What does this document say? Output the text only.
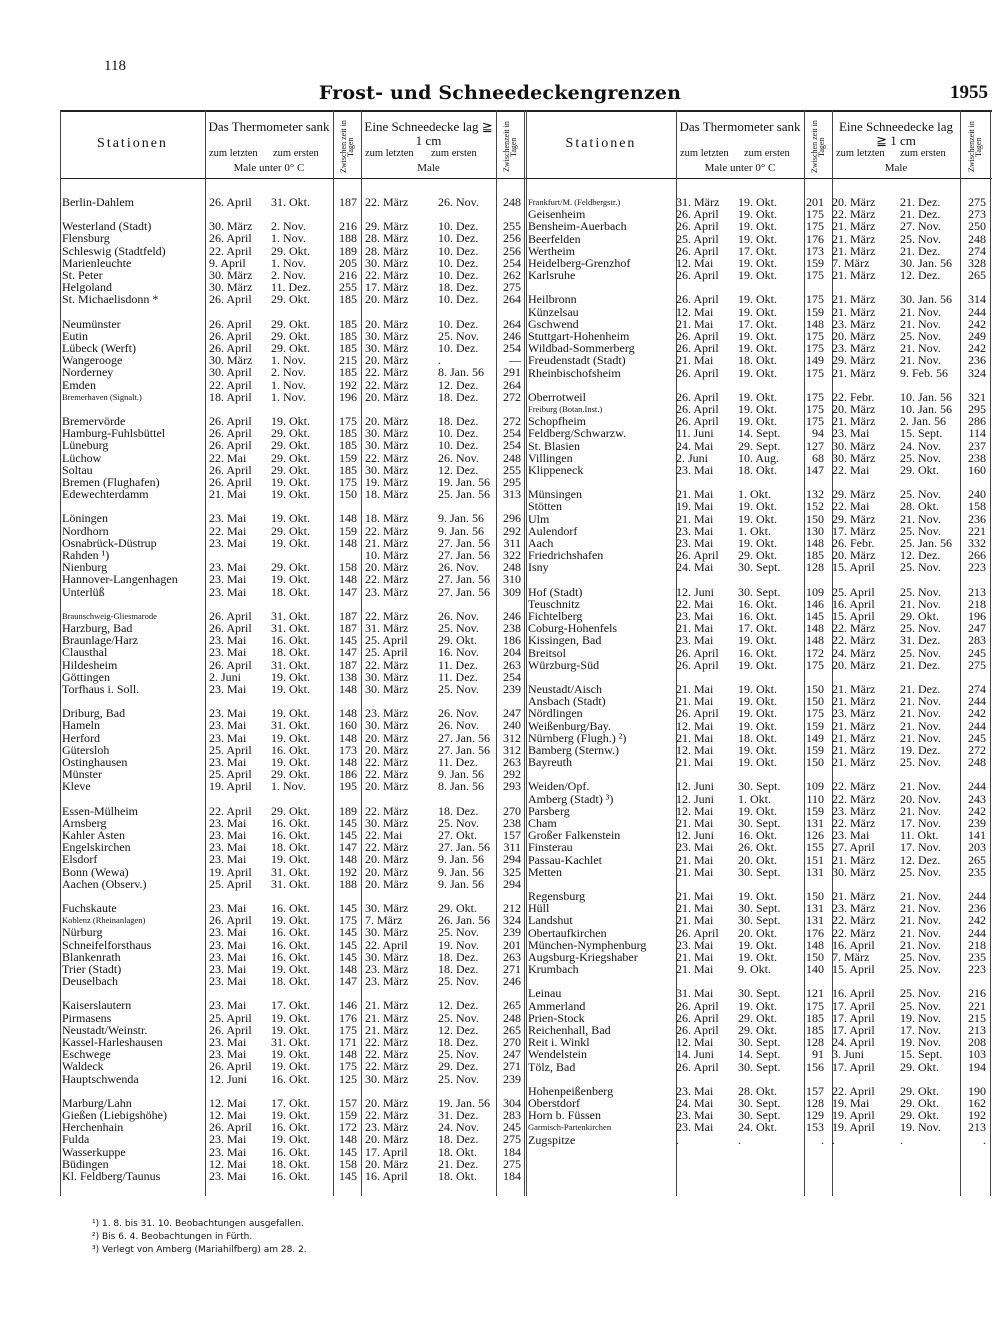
118
Frost- und Schneedeckengrenzen	1955
Stationen
Das Thermometer sank
zum letzten zum ersten
Male unter 0° C	Zwischen zeit in Tagen
Eine Schneedecke lag ≧ 1 cm
zum letzten zum ersten
Male	Zwischenzeit in Tagen	Stationen
Das Thermometer sank
zum letzten zum ersten
Male unter 0° C	Zwischen zeit in Tagen
Eine Schneedecke lag ≧ 1 cm
zum letzten zum ersten
Male	Zwischenzeit in Tagen
Berlin-Dahlem	26. April 31. Okt.	187 22. März 26. Nov.	248
Westerland (Stadt)	30. März 2. Nov.	216 29. März 10. Dez.	255
Flensburg	26. April 1. Nov.	188 28. März 10. Dez.	256
Schleswig (Stadtfeld)	22. April 29. Okt.	189 28. März 10. Dez.	256
Marienleuchte	9. April 1. Nov.	205 30. März 10. Dez.	254
St. Peter	30. März 2. Nov.	216 22. März 10. Dez.	262
Helgoland	30. März 11. Dez.	255 17. März 18. Dez.	275
St. Michaelisdonn *	26. April 29. Okt.	185 20. März 10. Dez.	264
Neumünster	26. April 29. Okt.	185 20. März 10. Dez.	264
Eutin	26. April 29. Okt.	185 30. März 25. Nov.	246
Lübeck (Werft)	26. April 29. Okt.	185 30. März 10. Dez.	254
Wangerooge	30. März 1. Nov.	215 20. März .	—
Norderney	30. April 2. Nov.	185 22. März 8. Jan. 56	291
Emden	22. April 1. Nov.	192 22. März 12. Dez.	264
Bremerhaven (Signalt.)	18. April 1. Nov.	196 20. März 18. Dez.	272
Bremervörde	26. April 19. Okt.	175 20. März 18. Dez.	272
Hamburg-Fuhlsbüttel	26. April 29. Okt.	185 30. März 10. Dez.	254
Lüneburg	26. April 29. Okt.	185 30. März 10. Dez.	254
Lüchow	22. Mai 29. Okt.	159 22. März 26. Nov.	248
Soltau	26. April 29. Okt.	185 30. März 12. Dez.	255
Bremen (Flughafen)	26. April 19. Okt.	175 19. März 19. Jan. 56	295
Edewechterdamm	21. Mai 19. Okt.	150 18. März 25. Jan. 56	313
Löningen	23. Mai 19. Okt.	148 18. März 9. Jan. 56	296
Nordhorn	22. Mai 29. Okt.	159 22. März 9. Jan. 56	292
Osnabrück-Düstrup	23. Mai 19. Okt.	148 21. März 27. Jan. 56	311
Rahden ¹)	10. März 27. Jan. 56	322
Nienburg	23. Mai 29. Okt.	158 20. März 26. Nov.	248
Hannover-Langenhagen	23. Mai 19. Okt.	148 22. März 27. Jan. 56	310
Unterlüß	23. Mai 18. Okt.	147 23. März 27. Jan. 56	309
Braunschweig-Gliesmarode	26. April 31. Okt.	187 22. März 26. Nov.	246
Harzburg, Bad	26. April 31. Okt.	187 31. März 25. Nov.	238
Braunlage/Harz	23. Mai 16. Okt.	145 25. April	29. Okt.	186
Clausthal	23. Mai 18. Okt.	147 25. April	16. Nov.	204
Hildesheim	26. April 31. Okt.	187 22. März 11. Dez.	263
Göttingen	2. Juni 19. Okt.	138 30. März 11. Dez.	254
Torfhaus i. Soll.	23. Mai 19. Okt.	148 30. März 25. Nov.	239
Driburg, Bad	23. Mai 19. Okt.	148 23. März 26. Nov.	247
Hameln	23. Mai 31. Okt.	160 30. März 26. Nov.	240
Herford	23. Mai 19. Okt.	148 20. März 27. Jan. 56	312
Gütersloh	25. April 16. Okt.	173 20. März 27. Jan. 56	312
Ostinghausen	23. Mai 19. Okt.	148 22. März 11. Dez.	263
Münster	25. April 29. Okt.	186 22. März 9. Jan. 56	292
Kleve	19. April 1. Nov.	195 20. März 8. Jan. 56	293
Essen-Mülheim	22. April 29. Okt.	189 22. März 18. Dez.	270
Arnsberg	23. Mai 16. Okt.	145 30. März 25. Nov.	238
Kahler Asten	23. Mai 16. Okt.	145 22. Mai	27. Okt.	157
Engelskirchen	23. Mai 18. Okt.	147 22. März 27. Jan. 56	311
Elsdorf	23. Mai 19. Okt.	148 20. März 9. Jan. 56	294
Bonn (Wewa)	19. April 31. Okt.	192 20. März 9. Jan. 56	325
Aachen (Observ.)	25. April 31. Okt.	188 20. März 9. Jan. 56	294
Fuchskaute	23. Mai 16. Okt.	145 30. März 29. Okt.	212
Koblenz (Rheinanlagen)	26. April 19. Okt.	175 7. März	26. Jan. 56	324
Nürburg	23. Mai 16. Okt.	145 30. März 25. Nov.	239
Schneifelforsthaus	23. Mai 16. Okt.	145 22. April	19. Nov.	201
Blankenrath	23. Mai 16. Okt.	145 30. März 18. Dez.	263
Trier (Stadt)	23. Mai 19. Okt.	148 23. März 18. Dez.	271
Deuselbach	23. Mai 18. Okt.	147 23. März 25. Nov.	246
Kaiserslautern	23. Mai 17. Okt.	146 21. März 12. Dez.	265
Pirmasens	25. April 19. Okt.	176 21. März 25. Nov.	248
Neustadt/Weinstr.	26. April 19. Okt.	175 21. März 12. Dez.	265
Kassel-Harleshausen	23. Mai 31. Okt.	171 22. März 18. Dez.	270
Eschwege	23. Mai 19. Okt.	148 22. März 25. Nov.	247
Waldeck	26. April 19. Okt.	175 22. März 29. Dez.	271
Hauptschwenda	12. Juni 16. Okt.	125 30. März 25. Nov.	239
Marburg/Lahn	12. Mai 17. Okt.	157 20. März 19. Jan. 56	304
Gießen (Liebigshöhe)	12. Mai 19. Okt.	159 22. März 31. Dez.	283
Herchenhain	26. April 16. Okt.	172 23. März 24. Nov.	245
Fulda	23. Mai 19. Okt.	148 20. März 18. Dez.	275
Wasserkuppe	23. Mai 16. Okt.	145 17. April	18. Okt.	184
Büdingen	12. Mai 18. Okt.	158 20. März 21. Dez.	275
Kl. Feldberg/Taunus	23. Mai 16. Okt.	145 16. April	18. Okt.	184
Frankfurt/M. (Feldbergstr.)	31. März 19. Okt.	201 20. März 21. Dez.	275
Geisenheim	26. April 19. Okt.	175 22. März 21. Dez.	273
Bensheim-Auerbach	26. April 19. Okt.	175 21. März 27. Nov.	250
Beerfelden	25. April 19. Okt.	176 21. März 25. Nov.	248
Wertheim	26. April 17. Okt.	173 21. März 21. Dez.	274
Heidelberg-Grenzhof	12. Mai 19. Okt.	159 7. März	30. Jan. 56	328
Karlsruhe	26. April 19. Okt.	175 21. März 12. Dez.	265
Heilbronn	26. April 19. Okt.	175 21. März 30. Jan. 56	314
Künzelsau	12. Mai 19. Okt.	159 21. März 21. Nov.	244
Gschwend	21. Mai 17. Okt.	148 23. März 21. Nov.	242
Stuttgart-Hohenheim	26. April 19. Okt.	175 20. März 25. Nov.	249
Wildbad-Sommerberg	26. April 19. Okt.	175 23. März 21. Nov.	242
Freudenstadt (Stadt)	21. Mai 18. Okt.	149 29. März 21. Nov.	236
Rheinbischofsheim	26. April 19. Okt.	175 21. März 9. Feb. 56	324
Oberrotweil	26. April 19. Okt.	175 22. Febr. 10. Jan. 56	321
Freiburg (Botan.Inst.)	26. April 19. Okt.	175 20. März 10. Jan. 56	295
Schopfheim	26. April 19. Okt.	175 21. März 2. Jan. 56	286
Feldberg/Schwarzw.	11. Juni 14. Sept.	94 23. Mai	15. Sept.	114
St. Blasien	24. Mai 29. Sept.	127 30. März 24. Nov.	237
Villingen	2. Juni 10. Aug.	68 30. März 25. Nov.	238
Klippeneck	23. Mai 18. Okt.	147 22. Mai	29. Okt.	160
Münsingen	21. Mai 1. Okt.	132 29. März 25. Nov.	240
Stötten	19. Mai 19. Okt.	152 22. Mai	28. Okt.	158
Ulm	21. Mai 19. Okt.	150 29. März 21. Nov.	236
Aulendorf	23. Mai 1. Okt.	130 17. März 25. Nov.	221
Aach	23. Mai 19. Okt.	148 26. Febr. 25. Jan. 56	332
Friedrichshafen	26. April 29. Okt.	185 20. März 12. Dez.	266
Isny	24. Mai 30. Sept.	128 15. April 25. Nov.	223
Hof (Stadt)	12. Juni 30. Sept.	109 25. April 25. Nov.	213
Teuschnitz	22. Mai 16. Okt.	146 16. April 21. Nov.	218
Fichtelberg	23. Mai 16. Okt.	145 15. April 29. Okt.	196
Coburg-Hohenfels	21. Mai 17. Okt.	148 22. März 25. Nov.	247
Kissingen, Bad	23. Mai 19. Okt.	148 22. März 31. Dez.	283
Breitsol	26. April 16. Okt.	172 24. März 25. Nov.	245
Würzburg-Süd	26. April 19. Okt.	175 20. März 21. Dez.	275
Neustadt/Aisch	21. Mai 19. Okt.	150 21. März 21. Dez.	274
Ansbach (Stadt)	21. Mai 19. Okt.	150 21. März 21. Nov.	244
Nördlingen	26. April 19. Okt.	175 23. März 21. Nov.	242
Weißenburg/Bay.	12. Mai 19. Okt.	159 21. März 21. Nov.	244
Nürnberg (Flugh.) ²)	21. Mai 18. Okt.	149 21. März 21. Nov.	245
Bamberg (Sternw.)	12. Mai 19. Okt.	159 21. März 19. Dez.	272
Bayreuth	21. Mai 19. Okt.	150 21. März 25. Nov.	248
Weiden/Opf.	12. Juni 30. Sept.	109 22. März 21. Nov.	244
Amberg (Stadt) ³)	12. Juni 1. Okt.	110 22. März 20. Nov.	243
Parsberg	12. Mai 19. Okt.	159 23. März 21. Nov.	242
Cham	21. Mai 30. Sept.	131 22. März 17. Nov.	239
Großer Falkenstein	12. Juni 16. Okt.	126 23. Mai	11. Okt.	141
Finsterau	23. Mai 26. Okt.	155 27. April 17. Nov.	203
Passau-Kachlet	21. Mai 20. Okt.	151 21. März 12. Dez.	265
Metten	21. Mai 30. Sept.	131 30. März 25. Nov.	235
Regensburg	21. Mai 19. Okt.	150 21. März 21. Nov.	244
Hüll	21. Mai 30. Sept.	131 23. März 21. Nov.	236
Landshut	21. Mai 30. Sept.	131 22. März 21. Nov.	242
Obertaufkirchen	26. April 20. Okt.	176 22. März 21. Nov.	244
München-Nymphenburg 23. Mai 19. Okt.	148 16. April 21. Nov.	218
Augsburg-Kriegshaber	21. Mai 19. Okt.	150 7. März	25. Nov.	235
Krumbach	21. Mai 9. Okt.	140 15. April 25. Nov.	223
Leinau	31. Mai 30. Sept.	121 16. April 25. Nov.	216
Ammerland	26. April 19. Okt.	175 17. April 25. Nov.	221
Prien-Stock	26. April 29. Okt.	185 17. April 19. Nov.	215
Reichenhall, Bad	26. April 29. Okt.	185 17. April 17. Nov.	213
Reit i. Winkl	12. Mai 30. Sept.	128 24. April 19. Nov.	208
Wendelstein	14. Juni 14. Sept.	91 3. Juni	15. Sept.	103
Tölz, Bad	26. April 30. Sept.	156 17. April 29. Okt.	194
Hohenpeißenberg	23. Mai 28. Okt.	157 22. April 29. Okt.	190
Oberstdorf	24. Mai 30. Sept.	128 19. Mai	29. Okt.	162
Horn b. Füssen	23. Mai 30. Sept.	129 19. April 29. Okt.	192
Garmisch-Partenkirchen	23. Mai 24. Okt.	153 19. April 19. Nov.	213
Zugspitze	.	.	. .	.	.
¹) 1. 8. bis 31. 10. Beobachtungen ausgefallen.
²) Bis 6. 4. Beobachtungen in Fürth.
³) Verlegt von Amberg (Mariahilfberg) am 28. 2.
